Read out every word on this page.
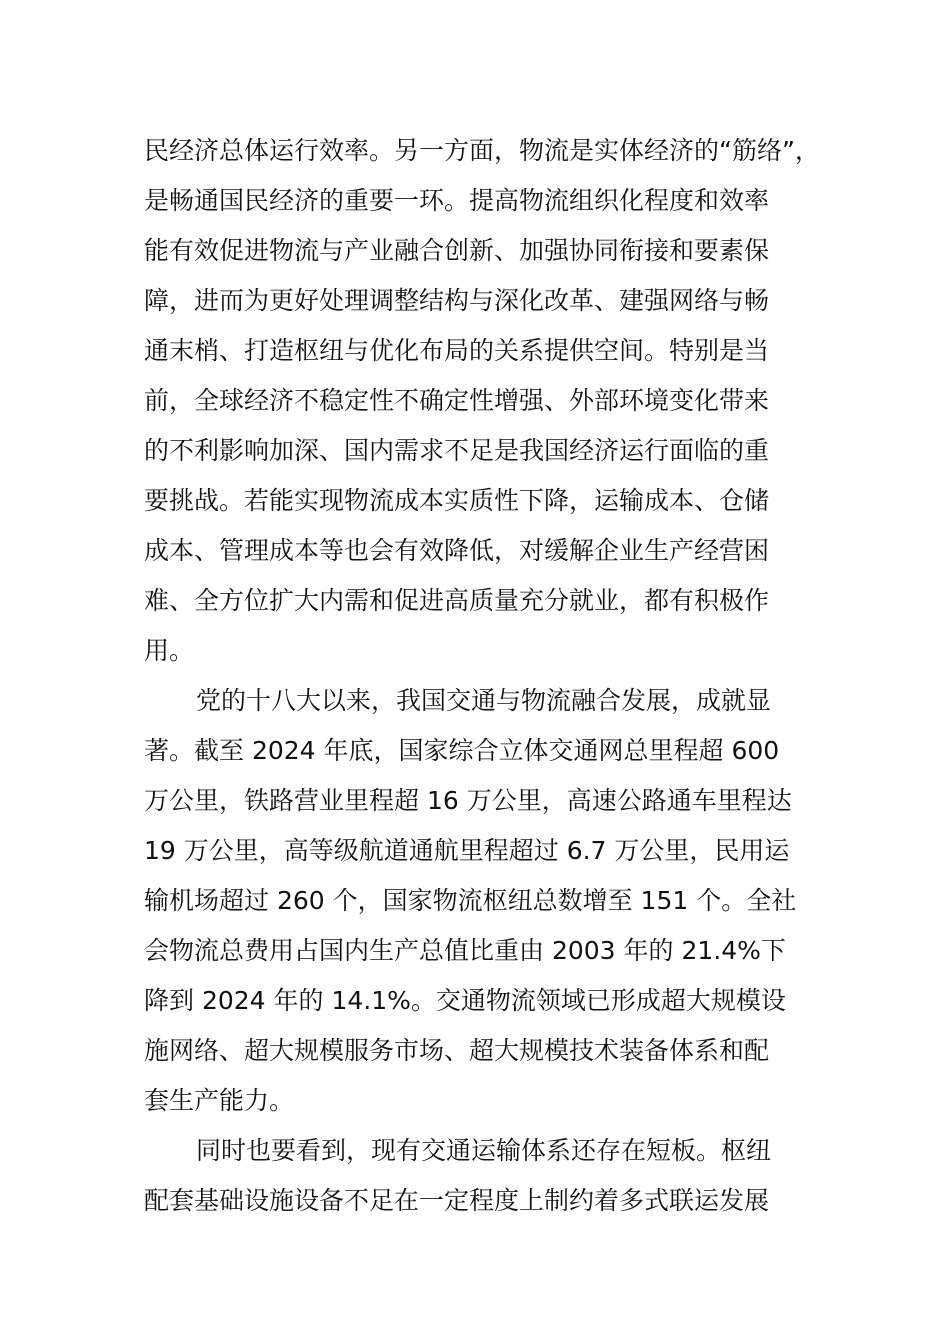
民经济总体运行效率。另一方面，物流是实体经济的“筋络”，
是畅通国民经济的重要一环。提高物流组织化程度和效率
能有效促进物流与产业融合创新、加强协同衔接和要素保
障，进而为更好处理调整结构与深化改革、建强网络与畅
通末梢、打造枢纽与优化布局的关系提供空间。特别是当
前，全球经济不稳定性不确定性增强、外部环境变化带来
的不利影响加深、国内需求不足是我国经济运行面临的重
要挑战。若能实现物流成本实质性下降，运输成本、仓储
成本、管理成本等也会有效降低，对缓解企业生产经营困
难、全方位扩大内需和促进高质量充分就业，都有积极作
用。
党的十八大以来，我国交通与物流融合发展，成就显
著。截至 2024 年底，国家综合立体交通网总里程超 600
万公里，铁路营业里程超 16 万公里，高速公路通车里程达
19 万公里，高等级航道通航里程超过 6.7 万公里，民用运
输机场超过 260 个，国家物流枢纽总数增至 151 个。全社
会物流总费用占国内生产总值比重由 2003 年的 21.4%下
降到 2024 年的 14.1%。交通物流领域已形成超大规模设
施网络、超大规模服务市场、超大规模技术装备体系和配
套生产能力。
同时也要看到，现有交通运输体系还存在短板。枢纽
配套基础设施设备不足在一定程度上制约着多式联运发展
